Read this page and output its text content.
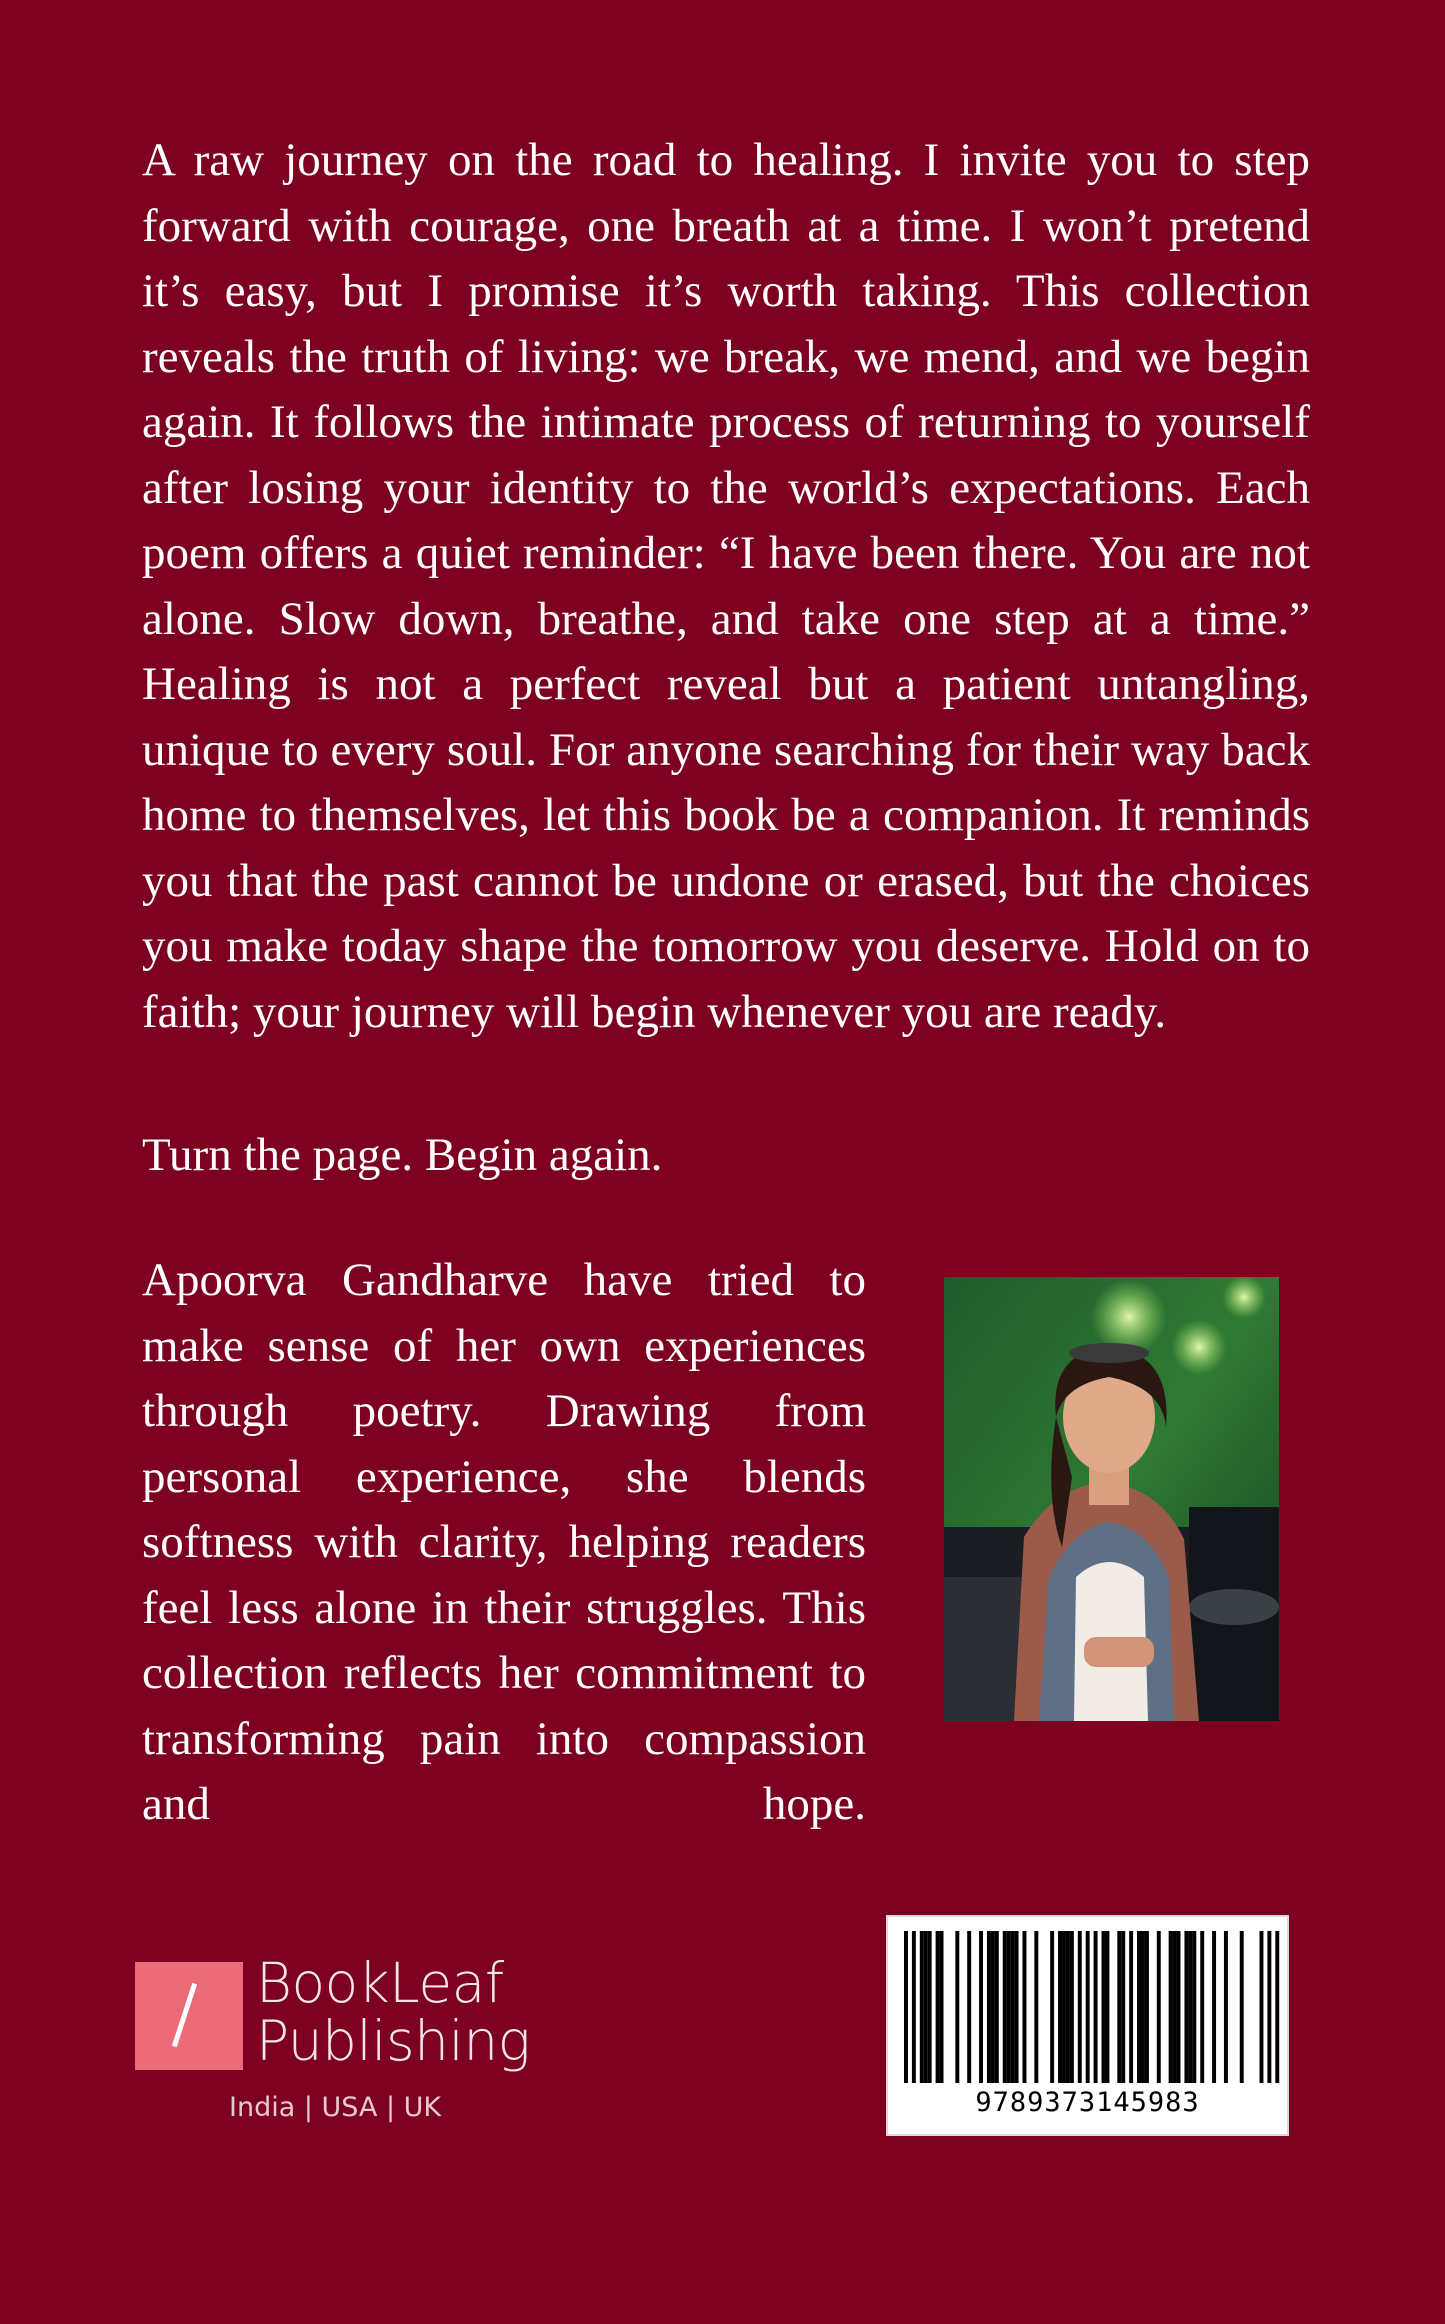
A raw journey on the road to healing. I invite you to step forward with courage, one breath at a time. I won’t pretend it’s easy, but I promise it’s worth taking. This collection reveals the truth of living: we break, we mend, and we begin again. It follows the intimate process of returning to yourself after losing your identity to the world’s expectations. Each poem offers a quiet reminder: “I have been there. You are not alone. Slow down, breathe, and take one step at a time.” Healing is not a perfect reveal but a patient untangling, unique to every soul. For anyone searching for their way back home to themselves, let this book be a companion. It reminds you that the past cannot be undone or erased, but the choices you make today shape the tomorrow you deserve. Hold on to faith; your journey will begin whenever you are ready.

Turn the page. Begin again.

Apoorva Gandharve have tried to make sense of her own experiences through poetry. Drawing from personal experience, she blends softness with clarity, helping readers feel less alone in their struggles. This collection reflects her commitment to transforming pain into compassion and hope.

BookLeaf
Publishing

India | USA | UK	9789373145983
